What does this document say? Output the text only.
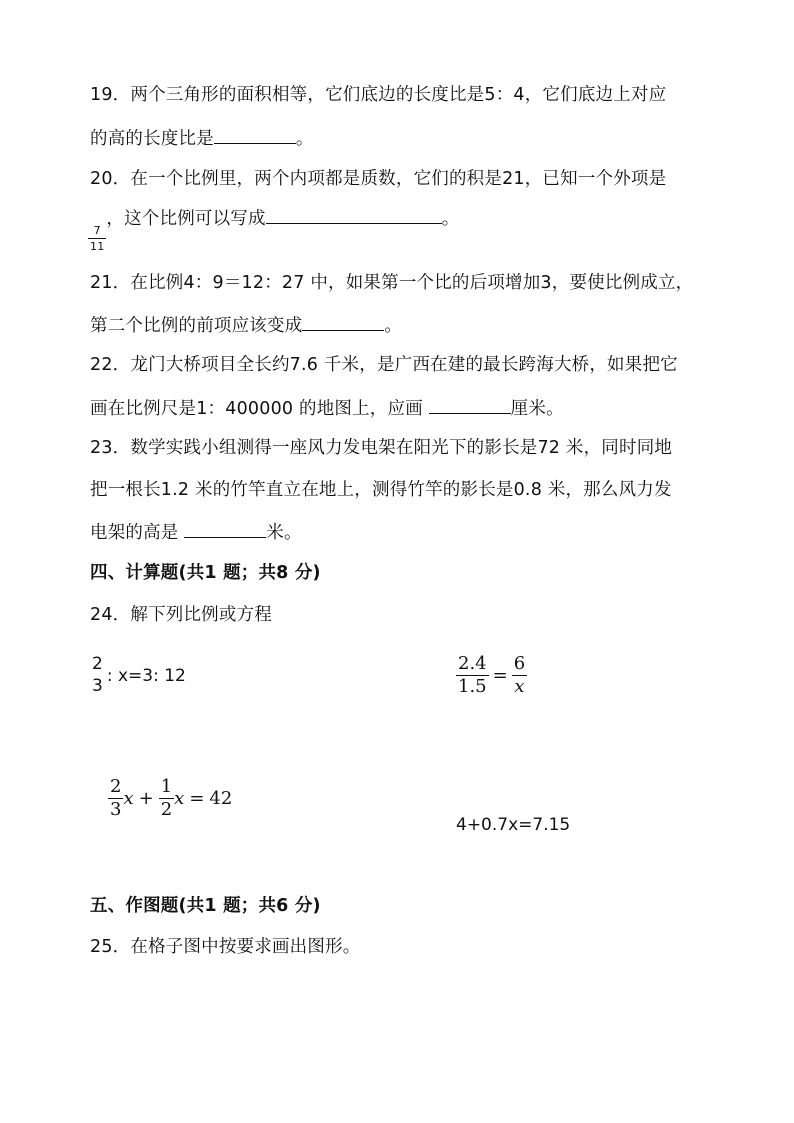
19．两个三角形的面积相等，它们底边的长度比是5：4，它们底边上对应
的高的长度比是	。
20．在一个比例里，两个内项都是质数，它们的积是21，已知一个外项是
$\frac{7}{11}$
，这个比例可以写成	。
21．在比例4：9＝12：27 中，如果第一个比的后项增加3，要使比例成立，
第二个比例的前项应该变成	。
22．龙门大桥项目全长约7.6 千米，是广西在建的最长跨海大桥，如果把它
画在比例尺是1：400000 的地图上，应画	厘米。
23．数学实践小组测得一座风力发电架在阳光下的影长是72 米，同时同地
把一根长1.2 米的竹竿直立在地上，测得竹竿的影长是0.8 米，那么风力发
电架的高是	米。
四、计算题(共1 题；共8 分)
24．解下列比例或方程
$\frac{2}{3}$ : x=3: 12	$\frac{2.4}{1.5} = \frac{6}{x}$
$\frac{2}{3}$ $x + \frac{1}{2}$ x = 42
4+0.7x=7.15
五、作图题(共1 题；共6 分)
25．在格子图中按要求画出图形。
